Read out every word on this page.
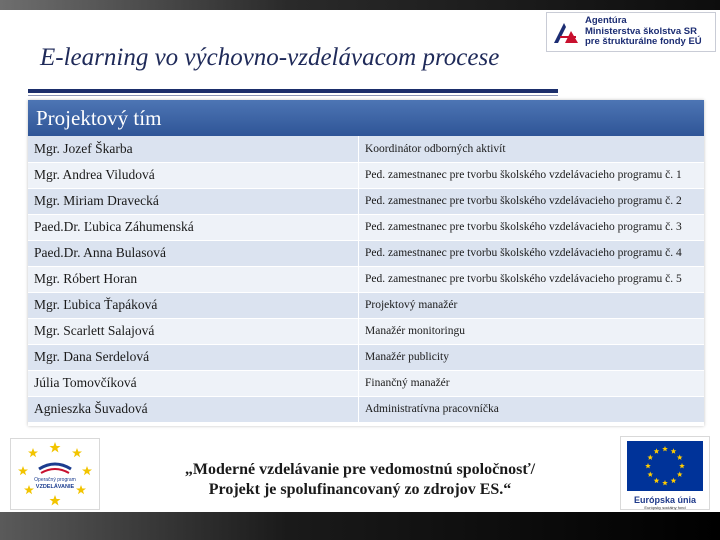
E-learning vo výchovno-vzdelávacom procese
Agentúra
Ministerstva školstva SR
pre štrukturálne fondy EÚ
Projektový tím
Mgr. Jozef Škarba	Koordinátor odborných aktivít
Mgr. Andrea Viludová	Ped. zamestnanec pre tvorbu školského vzdelávacieho programu č. 1
Mgr. Miriam Dravecká	Ped. zamestnanec pre tvorbu školského vzdelávacieho programu č. 2
Paed.Dr. Ľubica Záhumenská	Ped. zamestnanec pre tvorbu školského vzdelávacieho programu č. 3
Paed.Dr. Anna Bulasová	Ped. zamestnanec pre tvorbu školského vzdelávacieho programu č. 4
Mgr. Róbert Horan	Ped. zamestnanec pre tvorbu školského vzdelávacieho programu č. 5
Mgr. Ľubica Ťapáková	Projektový manažér
Mgr. Scarlett Salajová	Manažér monitoringu
Mgr. Dana Serdelová	Manažér publicity
Júlia Tomovčíková	Finančný manažér
Agnieszka Šuvadová	Administratívna pracovníčka
Operačný program
VZDELÁVANIE
„Moderné vzdelávanie pre vedomostnú spoločnosť/
Projekt je spolufinancovaný zo zdrojov ES.“
Európska únia
Európsky sociálny fond
